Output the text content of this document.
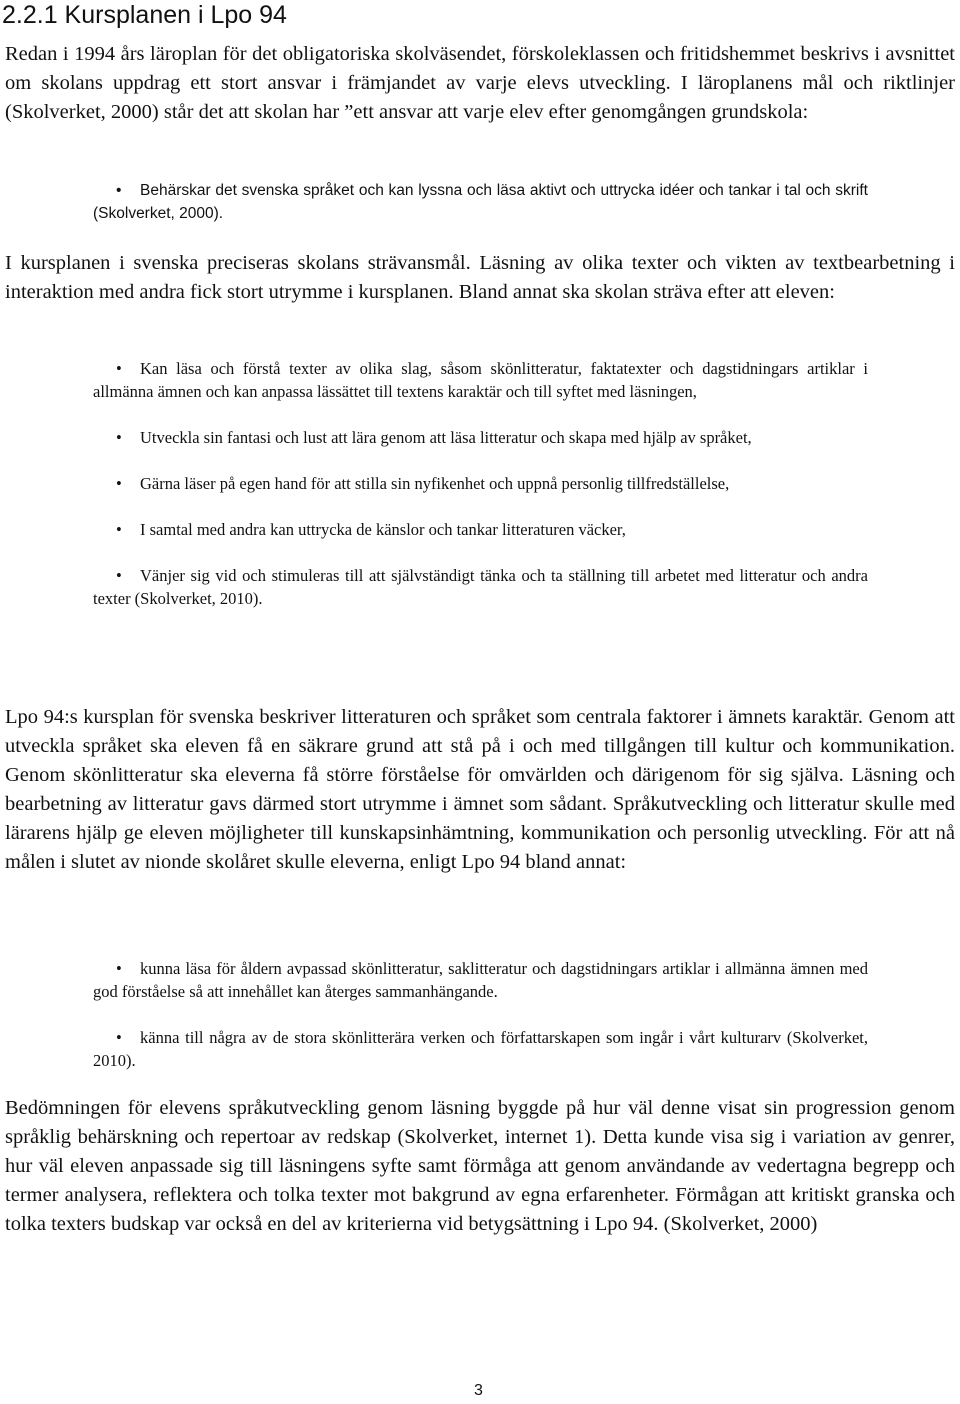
2.2.1 Kursplanen i Lpo 94

Redan i 1994 års läroplan för det obligatoriska skolväsendet, förskoleklassen och fritidshemmet beskrivs i avsnittet om skolans uppdrag ett stort ansvar i främjandet av varje elevs utveckling. I läroplanens mål och riktlinjer (Skolverket, 2000) står det att skolan har ”ett ansvar att varje elev efter genomgången grundskola:

• Behärskar det svenska språket och kan lyssna och läsa aktivt och uttrycka idéer och tankar i tal och skrift (Skolverket, 2000).

I kursplanen i svenska preciseras skolans strävansmål. Läsning av olika texter och vikten av textbearbetning i interaktion med andra fick stort utrymme i kursplanen. Bland annat ska skolan sträva efter att eleven:

• Kan läsa och förstå texter av olika slag, såsom skönlitteratur, faktatexter och dagstidningars artiklar i allmänna ämnen och kan anpassa lässättet till textens karaktär och till syftet med läsningen,
• Utveckla sin fantasi och lust att lära genom att läsa litteratur och skapa med hjälp av språket,
• Gärna läser på egen hand för att stilla sin nyfikenhet och uppnå personlig tillfredställelse,
• I samtal med andra kan uttrycka de känslor och tankar litteraturen väcker,
• Vänjer sig vid och stimuleras till att självständigt tänka och ta ställning till arbetet med litteratur och andra texter (Skolverket, 2010).

Lpo 94:s kursplan för svenska beskriver litteraturen och språket som centrala faktorer i ämnets karaktär. Genom att utveckla språket ska eleven få en säkrare grund att stå på i och med tillgången till kultur och kommunikation. Genom skönlitteratur ska eleverna få större förståelse för omvärlden och därigenom för sig själva. Läsning och bearbetning av litteratur gavs därmed stort utrymme i ämnet som sådant. Språkutveckling och litteratur skulle med lärarens hjälp ge eleven möjligheter till kunskapsinhämtning, kommunikation och personlig utveckling. För att nå målen i slutet av nionde skolåret skulle eleverna, enligt Lpo 94 bland annat:

• kunna läsa för åldern avpassad skönlitteratur, saklitteratur och dagstidningars artiklar i allmänna ämnen med god förståelse så att innehållet kan återges sammanhängande.
• känna till några av de stora skönlitterära verken och författarskapen som ingår i vårt kulturarv (Skolverket, 2010).

Bedömningen för elevens språkutveckling genom läsning byggde på hur väl denne visat sin progression genom språklig behärskning och repertoar av redskap (Skolverket, internet 1). Detta kunde visa sig i variation av genrer, hur väl eleven anpassade sig till läsningens syfte samt förmåga att genom användande av vedertagna begrepp och termer analysera, reflektera och tolka texter mot bakgrund av egna erfarenheter. Förmågan att kritiskt granska och tolka texters budskap var också en del av kriterierna vid betygsättning i Lpo 94. (Skolverket, 2000)

3
